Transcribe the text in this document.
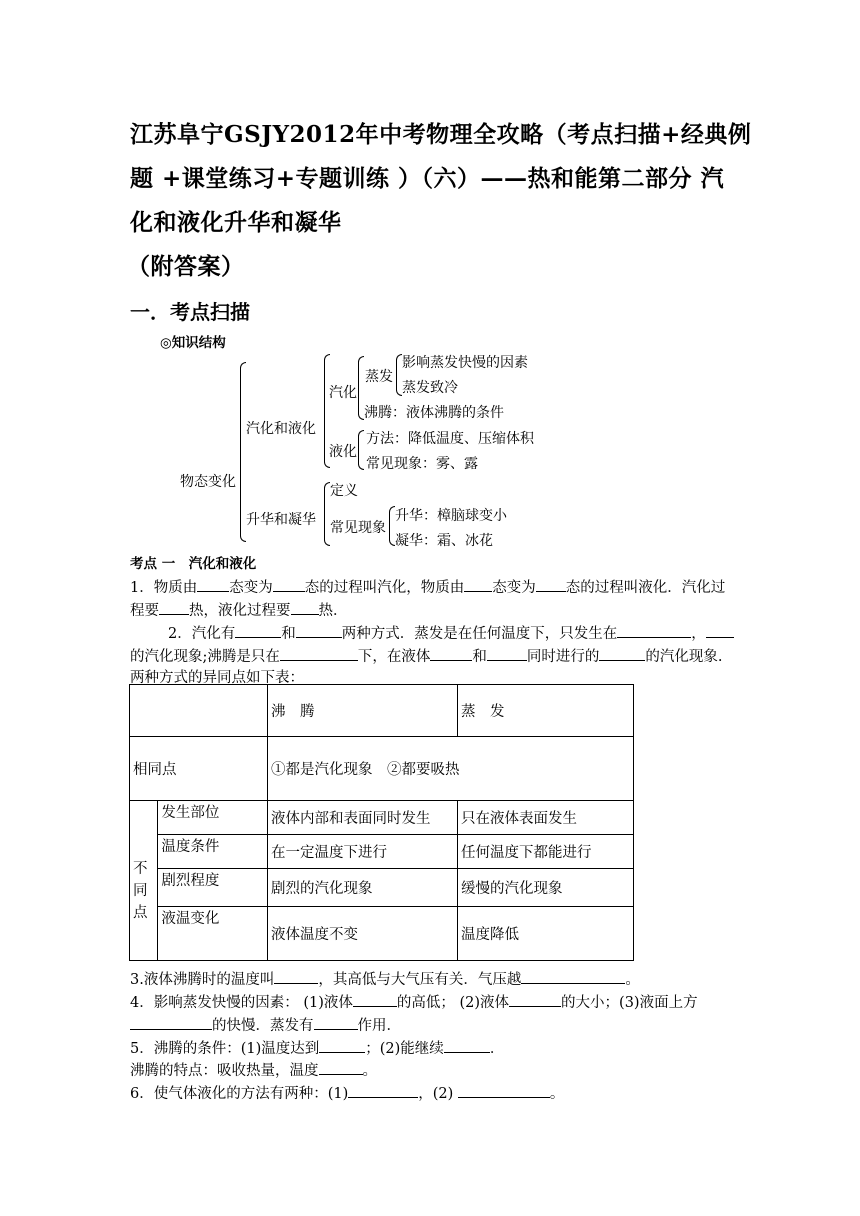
江苏阜宁GSJY2012年中考物理全攻略（考点扫描+经典例
题 +课堂练习+专题训练 ）（六）——热和能第二部分 汽
化和液化升华和凝华
（附答案）
一．考点扫描
◎知识结构
物态变化
汽化和液化
汽化
蒸发
影响蒸发快慢的因素
蒸发致冷
沸腾：液体沸腾的条件
液化
方法：降低温度、压缩体积
常见现象：雾、露
升华和凝华
定义
常见现象
升华：樟脑球变小
凝华：霜、冰花
考点 一　汽化和液化
1．物质由 态变为 态的过程叫汽化，物质由 态变为 态的过程叫液化．汽化过
程要 热，液化过程要 热．
2．汽化有	和	两种方式．蒸发是在任何温度下，只发生在	，
的汽化现象;沸腾是只在	下，在液体	和	同时进行的	的汽化现象.
两种方式的异同点如下表：
		沸　腾	蒸　发
相同点		①都是汽化现象　②都要吸热	

不
同
点	发生部位	液体内部和表面同时发生	只在液体表面发生
	温度条件	在一定温度下进行	任何温度下都能进行
	剧烈程度	剧烈的汽化现象	缓慢的汽化现象
	液温变化	液体温度不变	温度降低
3.液体沸腾时的温度叫	，其高低与大气压有关．气压越	。
4．影响蒸发快慢的因素： (1)液体	的高低； (2)液体	的大小；(3)液面上方
的快慢．蒸发有	作用．
5．沸腾的条件：(1)温度达到	；(2)能继续	．
沸腾的特点：吸收热量，温度	。
6．使气体液化的方法有两种：(1)	，(2)	。
